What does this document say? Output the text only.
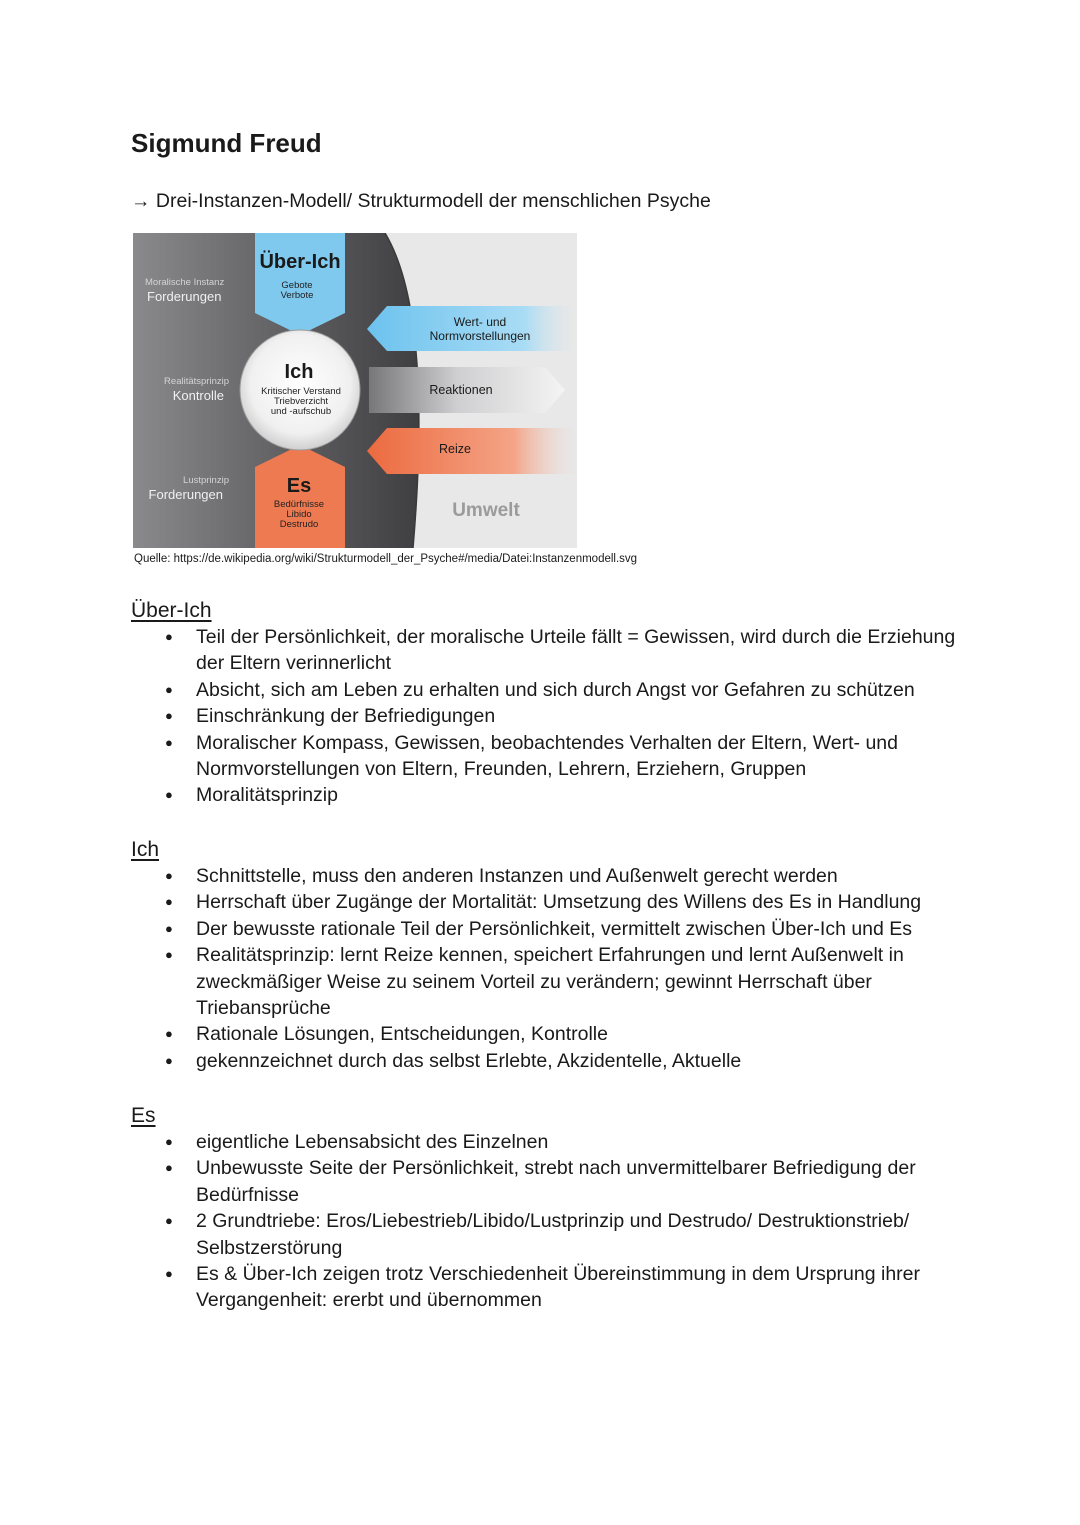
Sigmund Freud

→ Drei-Instanzen-Modell/ Strukturmodell der menschlichen Psyche

Über-Ich
Gebote
Verbote
Es
Bedürfnisse
Libido
Destrudo
Ich
Kritischer Verstand
Triebverzicht
und -aufschub
Moralische Instanz
Forderungen
Realitätsprinzip
Kontrolle
Lustprinzip
Forderungen
Wert- und
Normvorstellungen
Reaktionen
Reize
Umwelt
Quelle: https://de.wikipedia.org/wiki/Strukturmodell_der_Psyche#/media/Datei:Instanzenmodell.svg
Über-Ich
● Teil der Persönlichkeit, der moralische Urteile fällt = Gewissen, wird durch die Erziehung der Eltern verinnerlicht
● Absicht, sich am Leben zu erhalten und sich durch Angst vor Gefahren zu schützen
● Einschränkung der Befriedigungen
● Moralischer Kompass, Gewissen, beobachtendes Verhalten der Eltern, Wert- und Normvorstellungen von Eltern, Freunden, Lehrern, Erziehern, Gruppen
● Moralitätsprinzip
Ich
● Schnittstelle, muss den anderen Instanzen und Außenwelt gerecht werden
● Herrschaft über Zugänge der Mortalität: Umsetzung des Willens des Es in Handlung
● Der bewusste rationale Teil der Persönlichkeit, vermittelt zwischen Über-Ich und Es
● Realitätsprinzip: lernt Reize kennen, speichert Erfahrungen und lernt Außenwelt in zweckmäßiger Weise zu seinem Vorteil zu verändern; gewinnt Herrschaft über Triebansprüche
● Rationale Lösungen, Entscheidungen, Kontrolle
● gekennzeichnet durch das selbst Erlebte, Akzidentelle, Aktuelle
Es
● eigentliche Lebensabsicht des Einzelnen
● Unbewusste Seite der Persönlichkeit, strebt nach unvermittelbarer Befriedigung der Bedürfnisse
● 2 Grundtriebe: Eros/Liebestrieb/Libido/Lustprinzip und Destrudo/ Destruktionstrieb/ Selbstzerstörung
● Es & Über-Ich zeigen trotz Verschiedenheit Übereinstimmung in dem Ursprung ihrer Vergangenheit: ererbt und übernommen
